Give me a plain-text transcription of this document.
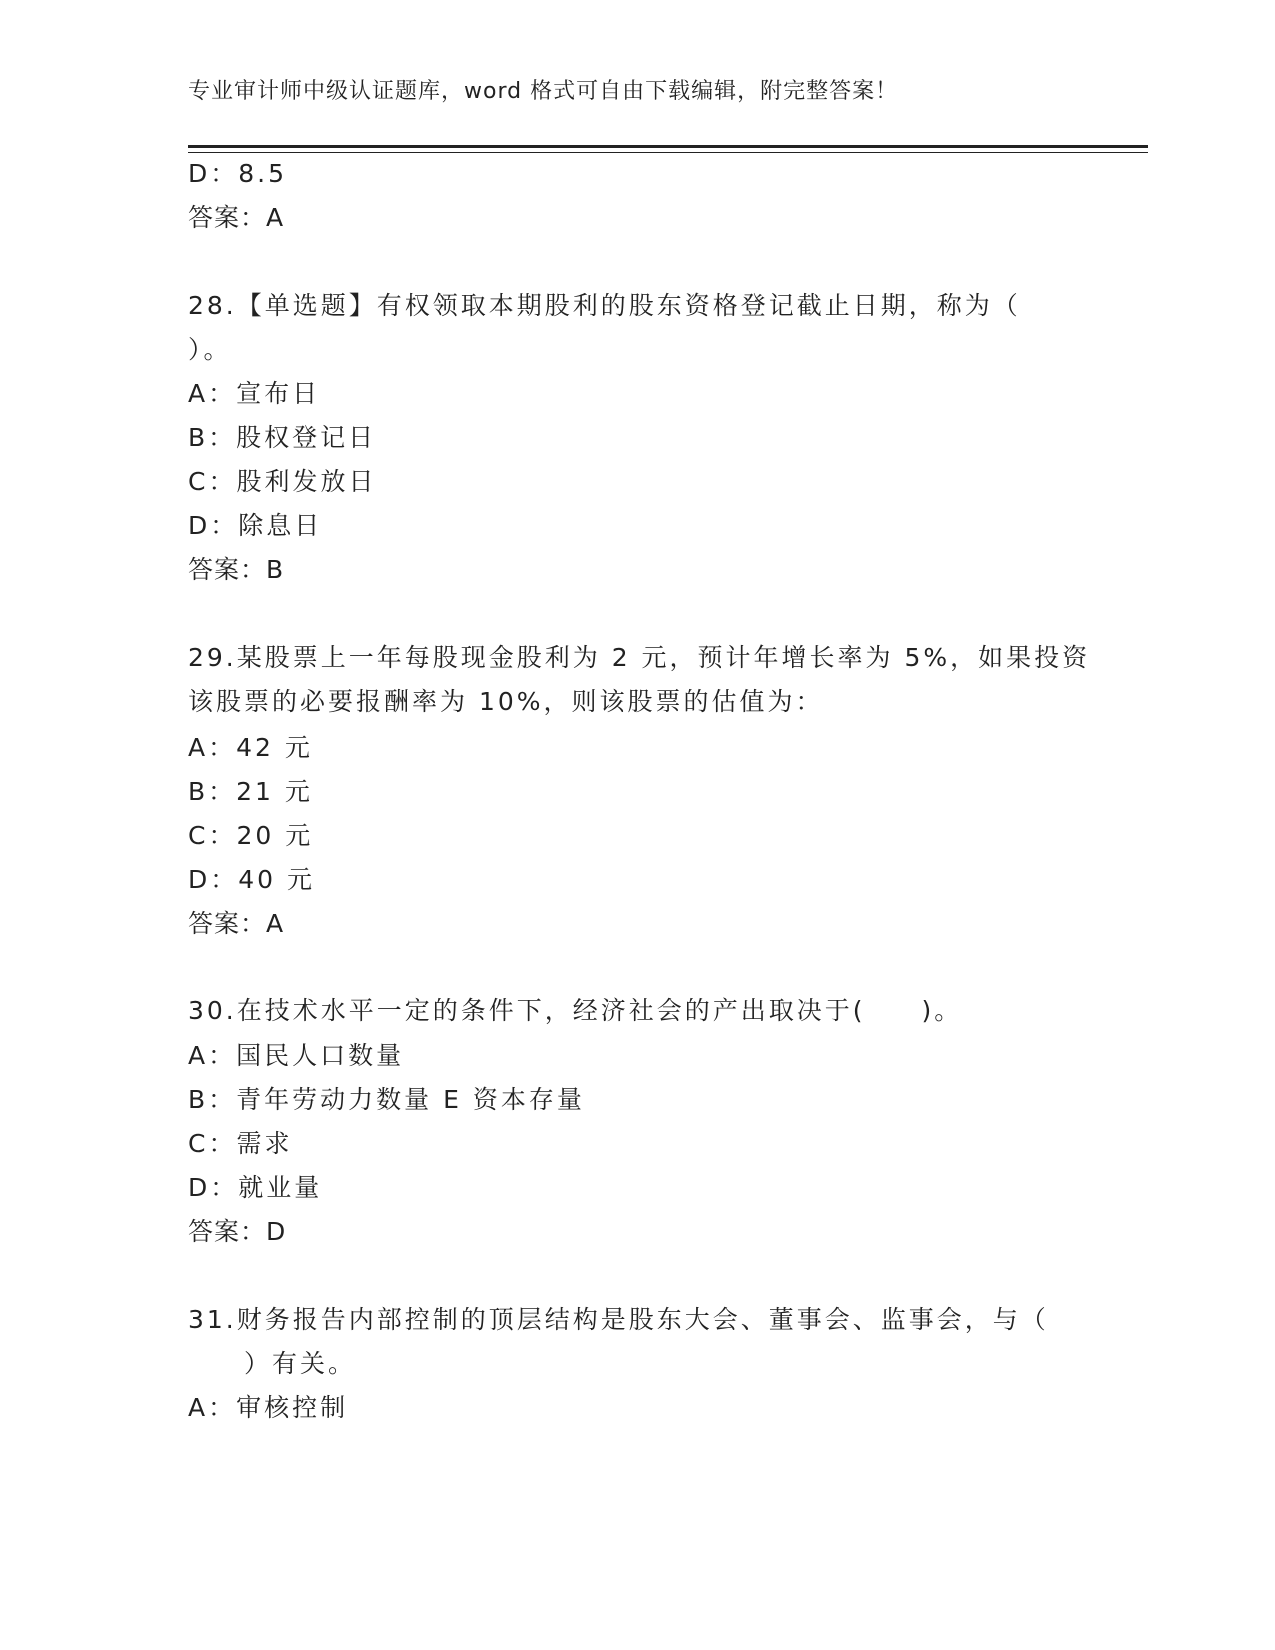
专业审计师中级认证题库，word 格式可自由下载编辑，附完整答案！
D：8.5
答案：A
28.【单选题】有权领取本期股利的股东资格登记截止日期，称为（
）。
A：宣布日
B：股权登记日
C：股利发放日
D：除息日
答案：B
29.某股票上一年每股现金股利为 2 元，预计年增长率为 5%，如果投资
该股票的必要报酬率为 10%，则该股票的估值为：
A：42 元
B：21 元
C：20 元
D：40 元
答案：A
30.在技术水平一定的条件下，经济社会的产出取决于(　　)。
A：国民人口数量
B：青年劳动力数量 E 资本存量
C：需求
D：就业量
答案：D
31.财务报告内部控制的顶层结构是股东大会、董事会、监事会，与（
　　）有关。
A：审核控制
